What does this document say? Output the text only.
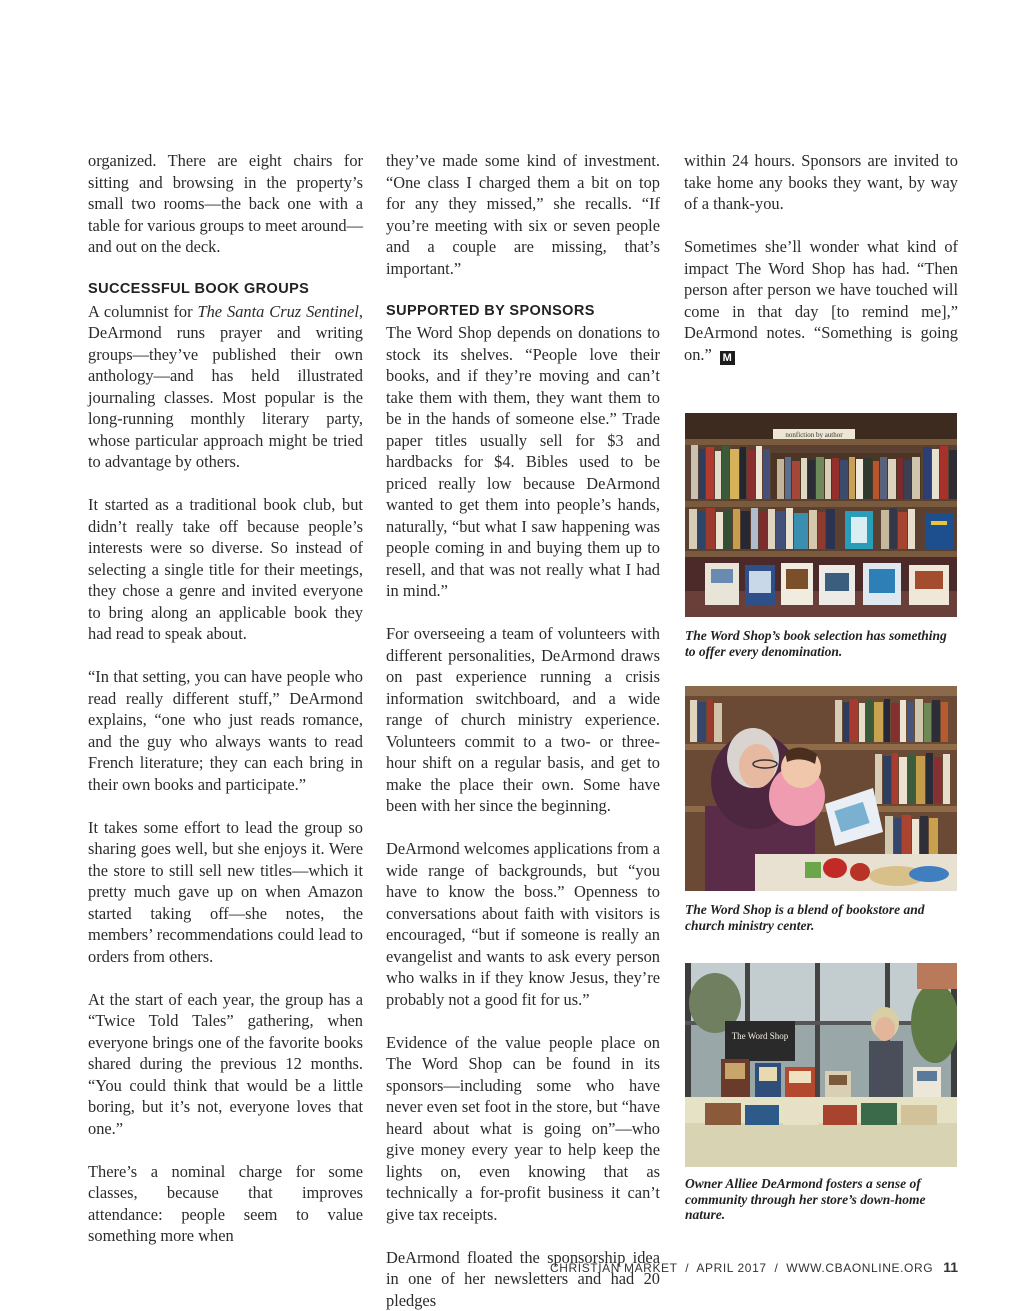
organized. There are eight chairs for sitting and browsing in the property’s small two rooms—the back one with a table for various groups to meet around—and out on the deck.

SUCCESSFUL BOOK GROUPS

A columnist for The Santa Cruz Sentinel, DeArmond runs prayer and writing groups—they’ve published their own anthology—and has held illustrated journaling classes. Most popular is the long-running monthly literary party, whose particular approach might be tried to advantage by others.

It started as a traditional book club, but didn’t really take off because people’s interests were so diverse. So instead of selecting a single title for their meetings, they chose a genre and invited everyone to bring along an applicable book they had read to speak about.

“In that setting, you can have people who read really different stuff,” DeArmond explains, “one who just reads romance, and the guy who always wants to read French literature; they can each bring in their own books and participate.”

It takes some effort to lead the group so sharing goes well, but she enjoys it. Were the store to still sell new titles—which it pretty much gave up on when Amazon started taking off—she notes, the members’ recommendations could lead to orders from others.

At the start of each year, the group has a “Twice Told Tales” gathering, when everyone brings one of the favorite books shared during the previous 12 months. “You could think that would be a little boring, but it’s not, everyone loves that one.”

There’s a nominal charge for some classes, because that improves attendance: people seem to value something more when

they’ve made some kind of investment. “One class I charged them a bit on top for any they missed,” she recalls. “If you’re meeting with six or seven people and a couple are missing, that’s important.”

SUPPORTED BY SPONSORS

The Word Shop depends on donations to stock its shelves. “People love their books, and if they’re moving and can’t take them with them, they want them to be in the hands of someone else.” Trade paper titles usually sell for $3 and hardbacks for $4. Bibles used to be priced really low because DeArmond wanted to get them into people’s hands, naturally, “but what I saw happening was people coming in and buying them up to resell, and that was not really what I had in mind.”

For overseeing a team of volunteers with different personalities, DeArmond draws on past experience running a crisis information switchboard, and a wide range of church ministry experience. Volunteers commit to a two- or three-hour shift on a regular basis, and get to make the place their own. Some have been with her since the beginning.

DeArmond welcomes applications from a wide range of backgrounds, but “you have to know the boss.” Openness to conversations about faith with visitors is encouraged, “but if someone is really an evangelist and wants to ask every person who walks in if they know Jesus, they’re probably not a good fit for us.”

Evidence of the value people place on The Word Shop can be found in its sponsors—including some who have never even set foot in the store, but “have heard about what is going on”—who give money every year to help keep the lights on, even knowing that as technically a for-profit business it can’t give tax receipts.

DeArmond floated the sponsorship idea in one of her newsletters and had 20 pledges

within 24 hours. Sponsors are invited to take home any books they want, by way of a thank-you.

Sometimes she’ll wonder what kind of impact The Word Shop has had. “Then person after person we have touched will come in that day [to remind me],” DeArmond notes. “Something is going on.” M

nonfiction by author
The Word Shop’s book selection has something to offer every denomination.
The Word Shop is a blend of bookstore and church ministry center.
The Word Shop
Owner Alliee DeArmond fosters a sense of community through her store’s down-home nature.
CHRISTIAN MARKET  /  APRIL 2017  /  WWW.CBAONLINE.ORG 11
